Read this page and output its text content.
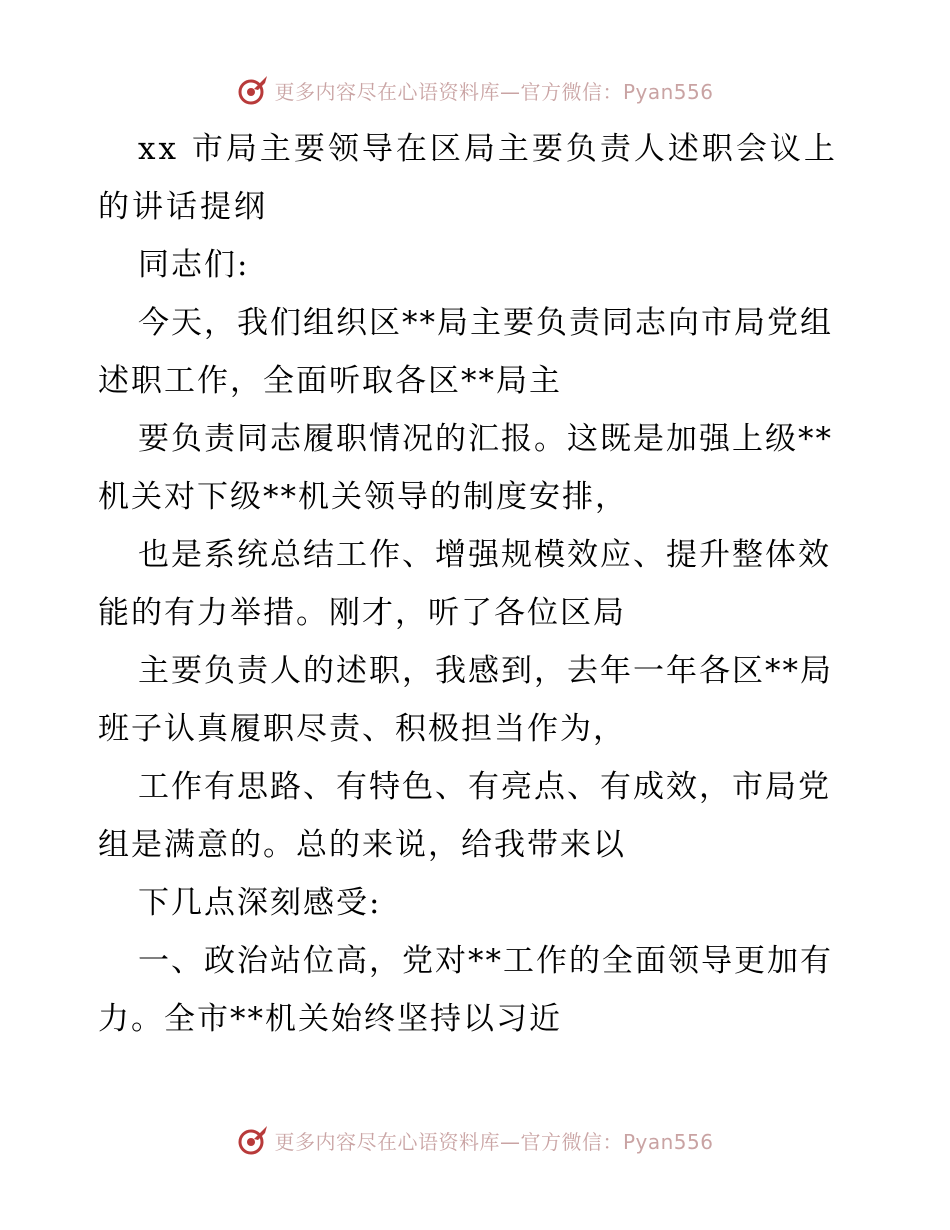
更多内容尽在心语资料库—官方微信：Pyan556

xx 市局主要领导在区局主要负责人述职会议上的讲话提纲

同志们:

今天，我们组织区**局主要负责同志向市局党组述职工作，全面听取各区**局主

要负责同志履职情况的汇报。这既是加强上级**机关对下级**机关领导的制度安排，

也是系统总结工作、增强规模效应、提升整体效能的有力举措。刚才，听了各位区局

主要负责人的述职，我感到，去年一年各区**局班子认真履职尽责、积极担当作为，

工作有思路、有特色、有亮点、有成效，市局党组是满意的。总的来说，给我带来以

下几点深刻感受:

一、政治站位高，党对**工作的全面领导更加有力。全市**机关始终坚持以习近

更多内容尽在心语资料库—官方微信：Pyan556
